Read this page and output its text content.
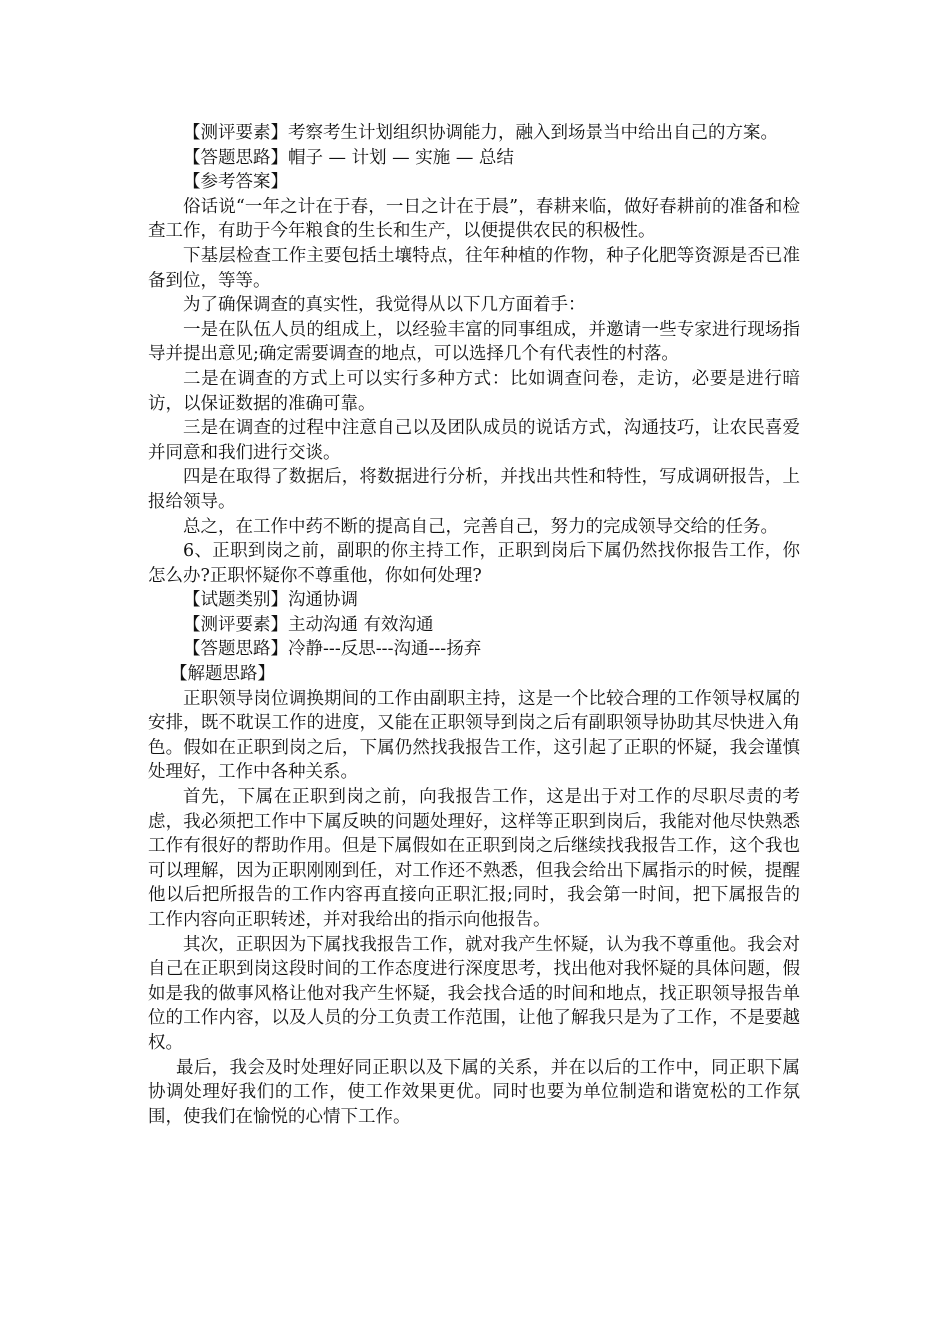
【测评要素】考察考生计划组织协调能力，融入到场景当中给出自己的方案。

【答题思路】帽子 — 计划 — 实施 — 总结

【参考答案】

俗话说“一年之计在于春，一日之计在于晨”，春耕来临，做好春耕前的准备和检查工作，有助于今年粮食的生长和生产，以便提供农民的积极性。

下基层检查工作主要包括土壤特点，往年种植的作物，种子化肥等资源是否已准备到位，等等。

为了确保调查的真实性，我觉得从以下几方面着手：

一是在队伍人员的组成上，以经验丰富的同事组成，并邀请一些专家进行现场指导并提出意见;确定需要调查的地点，可以选择几个有代表性的村落。

二是在调查的方式上可以实行多种方式：比如调查问卷，走访，必要是进行暗访，以保证数据的准确可靠。

三是在调查的过程中注意自己以及团队成员的说话方式，沟通技巧，让农民喜爱并同意和我们进行交谈。

四是在取得了数据后，将数据进行分析，并找出共性和特性，写成调研报告，上报给领导。

总之，在工作中药不断的提高自己，完善自己，努力的完成领导交给的任务。

6、正职到岗之前，副职的你主持工作，正职到岗后下属仍然找你报告工作，你怎么办?正职怀疑你不尊重他，你如何处理?

【试题类别】沟通协调

【测评要素】主动沟通 有效沟通

【答题思路】冷静---反思---沟通---扬弃

【解题思路】

正职领导岗位调换期间的工作由副职主持，这是一个比较合理的工作领导权属的安排，既不耽误工作的进度，又能在正职领导到岗之后有副职领导协助其尽快进入角色。假如在正职到岗之后，下属仍然找我报告工作，这引起了正职的怀疑，我会谨慎处理好，工作中各种关系。

首先，下属在正职到岗之前，向我报告工作，这是出于对工作的尽职尽责的考虑，我必须把工作中下属反映的问题处理好，这样等正职到岗后，我能对他尽快熟悉工作有很好的帮助作用。但是下属假如在正职到岗之后继续找我报告工作，这个我也可以理解，因为正职刚刚到任，对工作还不熟悉，但我会给出下属指示的时候，提醒他以后把所报告的工作内容再直接向正职汇报;同时，我会第一时间，把下属报告的工作内容向正职转述，并对我给出的指示向他报告。

其次，正职因为下属找我报告工作，就对我产生怀疑，认为我不尊重他。我会对自己在正职到岗这段时间的工作态度进行深度思考，找出他对我怀疑的具体问题，假如是我的做事风格让他对我产生怀疑，我会找合适的时间和地点，找正职领导报告单位的工作内容，以及人员的分工负责工作范围，让他了解我只是为了工作，不是要越权。

最后，我会及时处理好同正职以及下属的关系，并在以后的工作中，同正职下属协调处理好我们的工作，使工作效果更优。同时也要为单位制造和谐宽松的工作氛围，使我们在愉悦的心情下工作。
